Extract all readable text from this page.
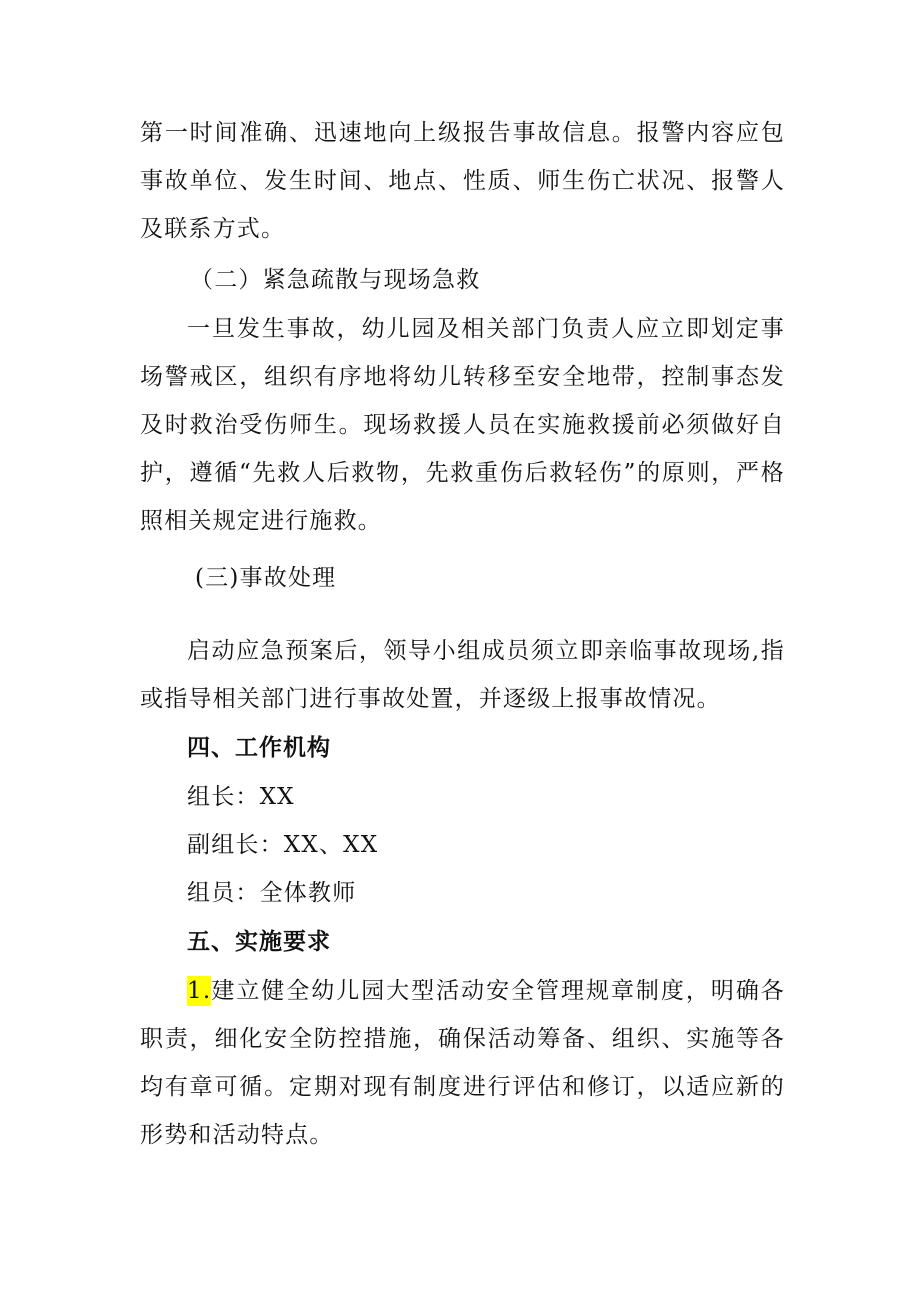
第一时间准确、迅速地向上级报告事故信息。报警内容应包
事故单位、发生时间、地点、性质、师生伤亡状况、报警人
及联系方式。
（二）紧急疏散与现场急救
一旦发生事故，幼儿园及相关部门负责人应立即划定事
场警戒区，组织有序地将幼儿转移至安全地带，控制事态发
及时救治受伤师生。现场救援人员在实施救援前必须做好自
护，遵循“先救人后救物，先救重伤后救轻伤”的原则，严格
照相关规定进行施救。
(三)事故处理
启动应急预案后，领导小组成员须立即亲临事故现场,指
或指导相关部门进行事故处置，并逐级上报事故情况。
四、工作机构
组长：XX
副组长：XX、XX
组员：全体教师
五、实施要求
1. 建立健全幼儿园大型活动安全管理规章制度，明确各
职责，细化安全防控措施，确保活动筹备、组织、实施等各
均有章可循。定期对现有制度进行评估和修订，以适应新的
形势和活动特点。
